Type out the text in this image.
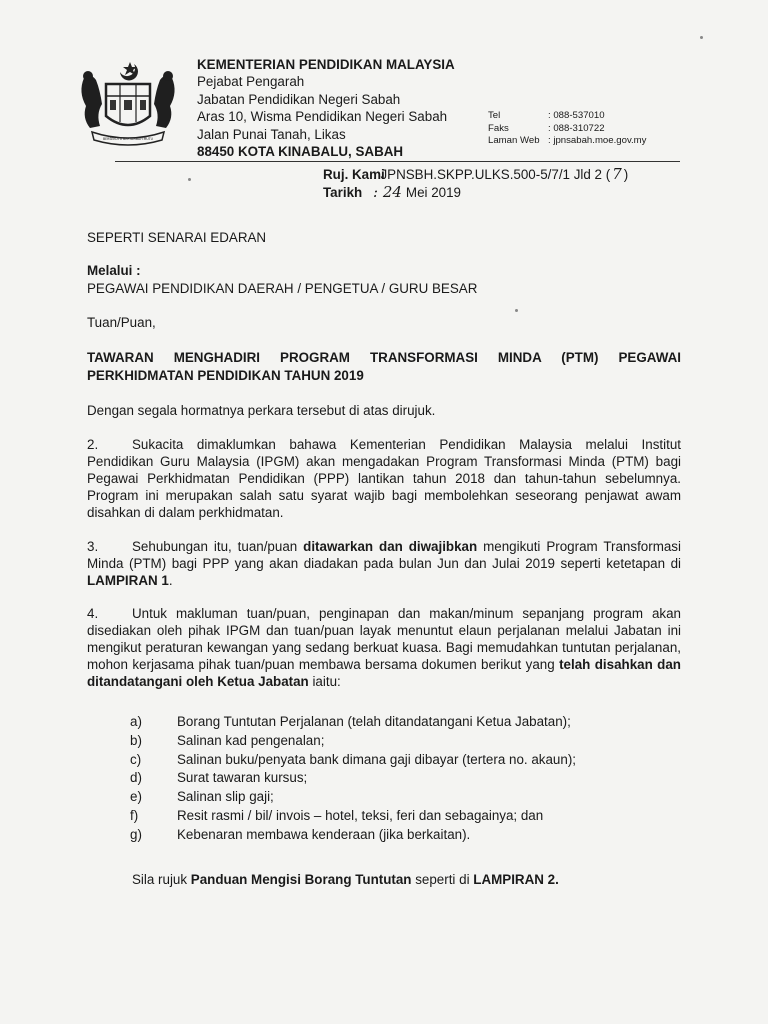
BERSEKUTU BERTAMBAH MUTU
KEMENTERIAN PENDIDIKAN MALAYSIA
Pejabat Pengarah
Jabatan Pendidikan Negeri Sabah
Aras 10, Wisma Pendidikan Negeri Sabah
Jalan Punai Tanah, Likas
88450 KOTA KINABALU, SABAH
Tel	: 088-537010
Faks	: 088-310722
Laman Web : jpnsabah.moe.gov.my
Ruj. Kami
: JPNSBH.SKPP.ULKS.500-5/7/1 Jld 2 ( 7 )
Tarikh : 24 Mei 2019
SEPERTI SENARAI EDARAN
Melalui :
PEGAWAI PENDIDIKAN DAERAH / PENGETUA / GURU BESAR
Tuan/Puan,
TAWARAN MENGHADIRI PROGRAM TRANSFORMASI MINDA (PTM) PEGAWAI PERKHIDMATAN PENDIDIKAN TAHUN 2019
Dengan segala hormatnya perkara tersebut di atas dirujuk.
2.	Sukacita dimaklumkan bahawa Kementerian Pendidikan Malaysia melalui Institut Pendidikan Guru Malaysia (IPGM) akan mengadakan Program Transformasi Minda (PTM) bagi Pegawai Perkhidmatan Pendidikan (PPP) lantikan tahun 2018 dan tahun-tahun sebelumnya. Program ini merupakan salah satu syarat wajib bagi membolehkan seseorang penjawat awam disahkan di dalam perkhidmatan.
3.	Sehubungan itu, tuan/puan ditawarkan dan diwajibkan mengikuti Program Transformasi Minda (PTM) bagi PPP yang akan diadakan pada bulan Jun dan Julai 2019 seperti ketetapan di LAMPIRAN 1.
4.	Untuk makluman tuan/puan, penginapan dan makan/minum sepanjang program akan disediakan oleh pihak IPGM dan tuan/puan layak menuntut elaun perjalanan melalui Jabatan ini mengikut peraturan kewangan yang sedang berkuat kuasa. Bagi memudahkan tuntutan perjalanan, mohon kerjasama pihak tuan/puan membawa bersama dokumen berikut yang telah disahkan dan ditandatangani oleh Ketua Jabatan iaitu:
a)	Borang Tuntutan Perjalanan (telah ditandatangani Ketua Jabatan);
b)	Salinan kad pengenalan;
c)	Salinan buku/penyata bank dimana gaji dibayar (tertera no. akaun);
d)	Surat tawaran kursus;
e)	Salinan slip gaji;
f)	Resit rasmi / bil/ invois – hotel, teksi, feri dan sebagainya; dan
g)	Kebenaran membawa kenderaan (jika berkaitan).
Sila rujuk Panduan Mengisi Borang Tuntutan seperti di LAMPIRAN 2.
